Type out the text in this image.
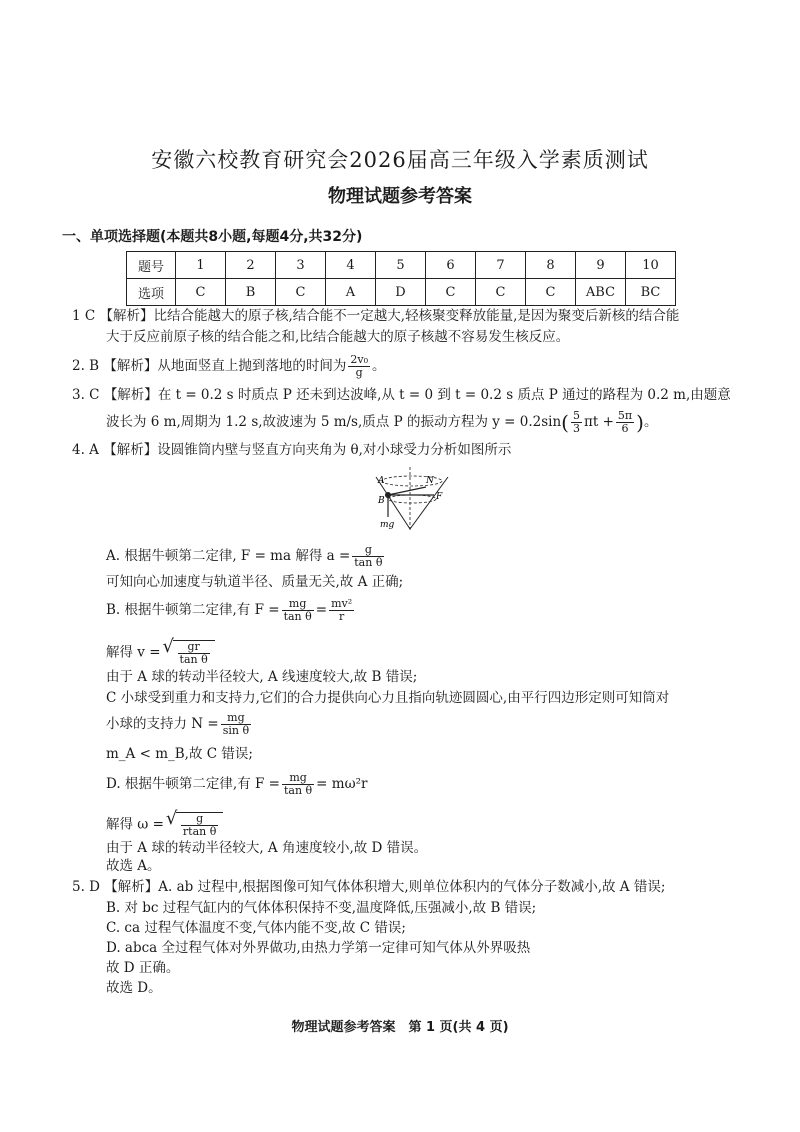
安徽六校教育研究会2026届高三年级入学素质测试
物理试题参考答案
一、单项选择题(本题共8小题,每题4分,共32分)
题号	1	2	3	4	5	6	7	8	9	10
选项	C	B	C	A	D	C	C	C	ABC	BC
1 C 【解析】比结合能越大的原子核,结合能不一定越大,轻核聚变释放能量,是因为聚变后新核的结合能
大于反应前原子核的结合能之和,比结合能越大的原子核越不容易发生核反应。
2. B 【解析】从地面竖直上抛到落地的时间为 $\frac{\text{2v₀}}{g}$ 。
3. C 【解析】在 t = 0.2 s 时质点 P 还未到达波峰,从 t = 0 到 t = 0.2 s 质点 P 通过的路程为 0.2 m,由题意
波长为 6 m,周期为 1.2 s,故波速为 5 m/s,质点 P 的振动方程为 $y = 0.2\sin( \frac{5}{3}$ $\pi t + \frac{5\pi}{6}$ )。
4. A 【解析】设圆锥筒内壁与竖直方向夹角为 θ,对小球受力分析如图所示
A
B
N
F
mg
A. 根据牛顿第二定律, F = ma 解得 $a = \frac{g}{\text{tan θ}}$
可知向心加速度与轨道半径、质量无关,故 A 正确;
B. 根据牛顿第二定律,有 $F = \frac{mg}{\text{tan θ}} = \frac{\text{mv²}}{r}$
解得 v = √ $\frac{gr}{\text{tan θ}}$
由于 A 球的转动半径较大, A 线速度较大,故 B 错误;
C 小球受到重力和支持力,它们的合力提供向心力且指向轨迹圆圆心,由平行四边形定则可知筒对
小球的支持力 $N = \frac{mg}{\text{sin θ}}$
m_A < m_B,故 C 错误;
D. 根据牛顿第二定律,有 $F = \frac{mg}{\text{tan θ}} = m\omega^2r$
解得 ω = √ $\frac{g}{\text{rtan θ}}$
由于 A 球的转动半径较大, A 角速度较小,故 D 错误。
故选 A。
5. D 【解析】A. ab 过程中,根据图像可知气体体积增大,则单位体积内的气体分子数减小,故 A 错误;
B. 对 bc 过程气缸内的气体体积保持不变,温度降低,压强减小,故 B 错误;
C. ca 过程气体温度不变,气体内能不变,故 C 错误;
D. abca 全过程气体对外界做功,由热力学第一定律可知气体从外界吸热
故 D 正确。
故选 D。
物理试题参考答案　第 1 页(共 4 页)
